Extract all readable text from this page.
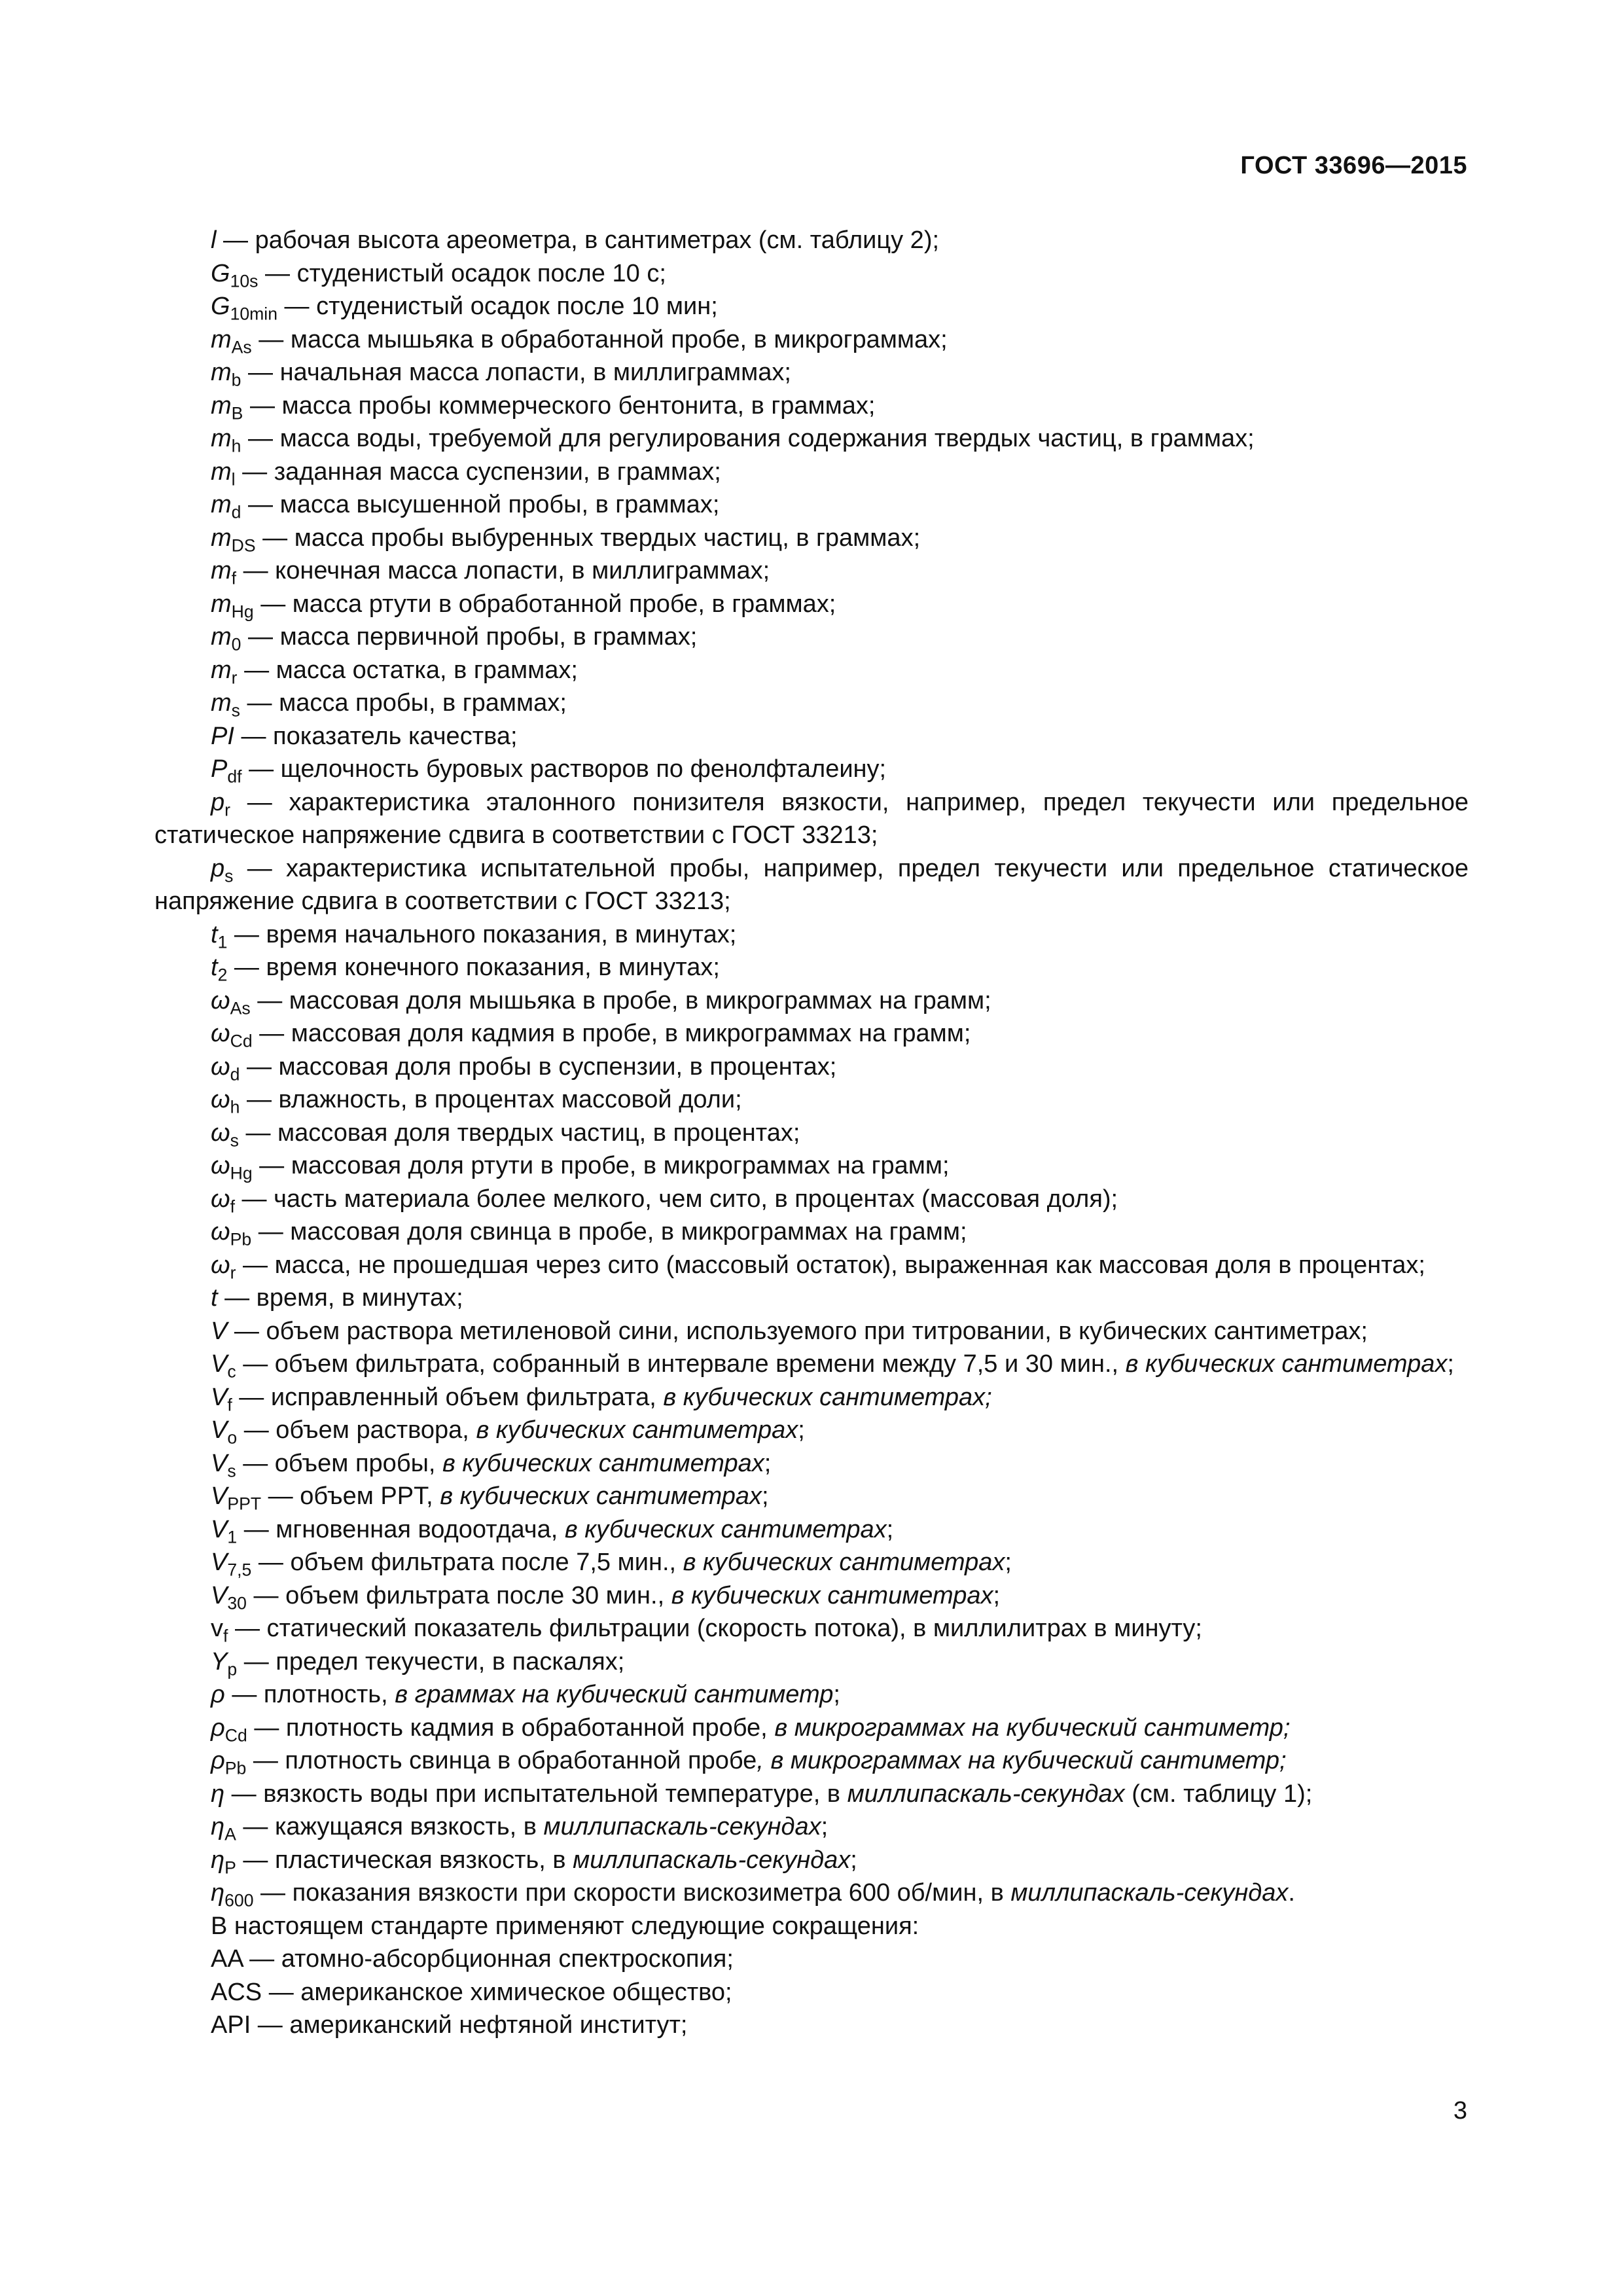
ГОСТ 33696—2015
l — рабочая высота ареометра, в сантиметрах (см. таблицу 2);
$G_{10s}$ — студенистый осадок после 10 с;
$G_{10min}$ — студенистый осадок после 10 мин;
$m_{As}$ — масса мышьяка в обработанной пробе, в микрограммах;
$m_b$ — начальная масса лопасти, в миллиграммах;
$m_B$ — масса пробы коммерческого бентонита, в граммах;
$m_h$ — масса воды, требуемой для регулирования содержания твердых частиц, в граммах;
$m_l$ — заданная масса суспензии, в граммах;
$m_d$ — масса высушенной пробы, в граммах;
$m_{DS}$ — масса пробы выбуренных твердых частиц, в граммах;
$m_f$ — конечная масса лопасти, в миллиграммах;
$m_{Hg}$ — масса ртути в обработанной пробе, в граммах;
$m_0$ — масса первичной пробы, в граммах;
$m_r$ — масса остатка, в граммах;
$m_s$ — масса пробы, в граммах;
PI — показатель качества;
$P_{df}$ — щелочность буровых растворов по фенолфталеину;
$p_r$ — характеристика эталонного понизителя вязкости, например, предел текучести или предельное статическое напряжение сдвига в соответствии с ГОСТ 33213;
$p_s$ — характеристика испытательной пробы, например, предел текучести или предельное статическое напряжение сдвига в соответствии с ГОСТ 33213;
$t_1$ — время начального показания, в минутах;
$t_2$ — время конечного показания, в минутах;
$\omega_{As}$ — массовая доля мышьяка в пробе, в микрограммах на грамм;
$\omega_{Cd}$ — массовая доля кадмия в пробе, в микрограммах на грамм;
$\omega_d$ — массовая доля пробы в суспензии, в процентах;
$\omega_h$ — влажность, в процентах массовой доли;
$\omega_s$ — массовая доля твердых частиц, в процентах;
$\omega_{Hg}$ — массовая доля ртути в пробе, в микрограммах на грамм;
$\omega_f$ — часть материала более мелкого, чем сито, в процентах (массовая доля);
$\omega_{Pb}$ — массовая доля свинца в пробе, в микрограммах на грамм;
$\omega_r$ — масса, не прошедшая через сито (массовый остаток), выраженная как массовая доля в процентах;
t — время, в минутах;
V — объем раствора метиленовой сини, используемого при титровании, в кубических сантиметрах;
$V_c$ — объем фильтрата, собранный в интервале времени между 7,5 и 30 мин., в кубических сантиметрах;
$V_f$ — исправленный объем фильтрата, в кубических сантиметрах;
$V_o$ — объем раствора, в кубических сантиметрах;
$V_s$ — объем пробы, в кубических сантиметрах;
$V_{PPT}$ — объем PPT, в кубических сантиметрах;
$V_1$ — мгновенная водоотдача, в кубических сантиметрах;
$V_{7,5}$ — объем фильтрата после 7,5 мин., в кубических сантиметрах;
$V_{30}$ — объем фильтрата после 30 мин., в кубических сантиметрах;
$v_f$ — статический показатель фильтрации (скорость потока), в миллилитрах в минуту;
$Y_p$ — предел текучести, в паскалях;
ρ — плотность, в граммах на кубический сантиметр;
$\rho_{Cd}$ — плотность кадмия в обработанной пробе, в микрограммах на кубический сантиметр;
$\rho_{Pb}$ — плотность свинца в обработанной пробе, в микрограммах на кубический сантиметр;
η — вязкость воды при испытательной температуре, в миллипаскаль-секундах (см. таблицу 1);
$\eta_A$ — кажущаяся вязкость, в миллипаскаль-секундах;
$\eta_P$ — пластическая вязкость, в миллипаскаль-секундах;
$\eta_{600}$ — показания вязкости при скорости вискозиметра 600 об/мин, в миллипаскаль-секундах.
В настоящем стандарте применяют следующие сокращения:
AA — атомно-абсорбционная спектроскопия;
ACS — американское химическое общество;
API — американский нефтяной институт;
3
